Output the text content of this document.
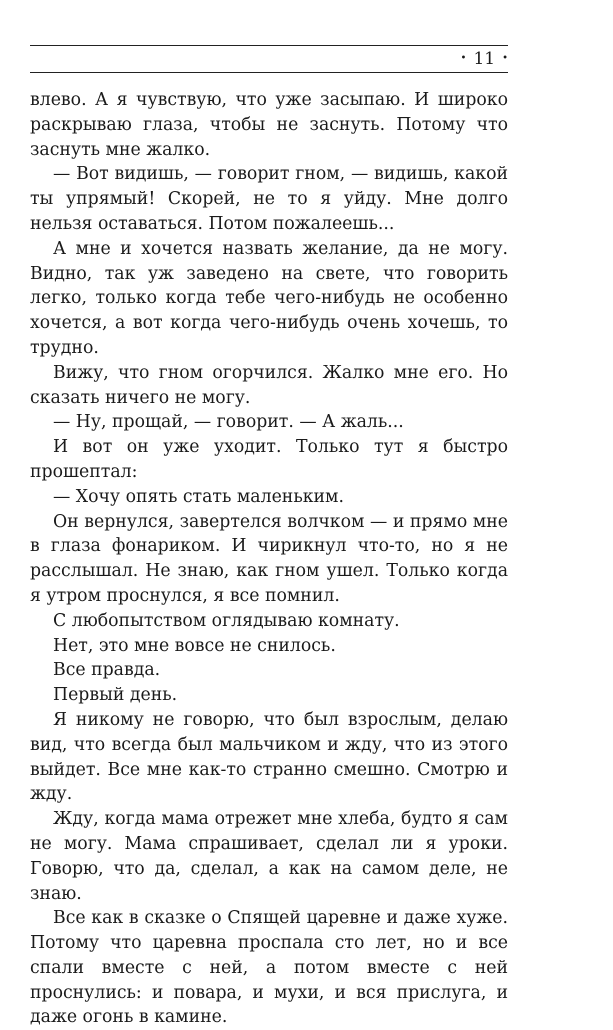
• 11 •

влево. А я чувствую, что уже засыпаю. И широко раскрываю глаза, чтобы не заснуть. Потому что заснуть мне жалко.

— Вот видишь, — говорит гном, — видишь, какой ты упрямый! Скорей, не то я уйду. Мне долго нельзя оставаться. Потом пожалеешь...

А мне и хочется назвать желание, да не могу. Видно, так уж заведено на свете, что говорить легко, только когда тебе чего-нибудь не особенно хочется, а вот когда чего-нибудь очень хочешь, то трудно.

Вижу, что гном огорчился. Жалко мне его. Но сказать ничего не могу.

— Ну, прощай, — говорит. — А жаль...

И вот он уже уходит. Только тут я быстро прошептал:

— Хочу опять стать маленьким.

Он вернулся, завертелся волчком — и прямо мне в глаза фонариком. И чирикнул что-то, но я не расслышал. Не знаю, как гном ушел. Только когда я утром проснулся, я все помнил.

С любопытством оглядываю комнату.

Нет, это мне вовсе не снилось.

Все правда.

Первый день.

Я никому не говорю, что был взрослым, делаю вид, что всегда был мальчиком и жду, что из этого выйдет. Все мне как-то странно смешно. Смотрю и жду.

Жду, когда мама отрежет мне хлеба, будто я сам не могу. Мама спрашивает, сделал ли я уроки. Говорю, что да, сделал, а как на самом деле, не знаю.

Все как в сказке о Спящей царевне и даже хуже. Потому что царевна проспала сто лет, но и все спали вместе с ней, а потом вместе с ней проснулись: и повара, и мухи, и вся прислуга, и даже огонь в камине.
